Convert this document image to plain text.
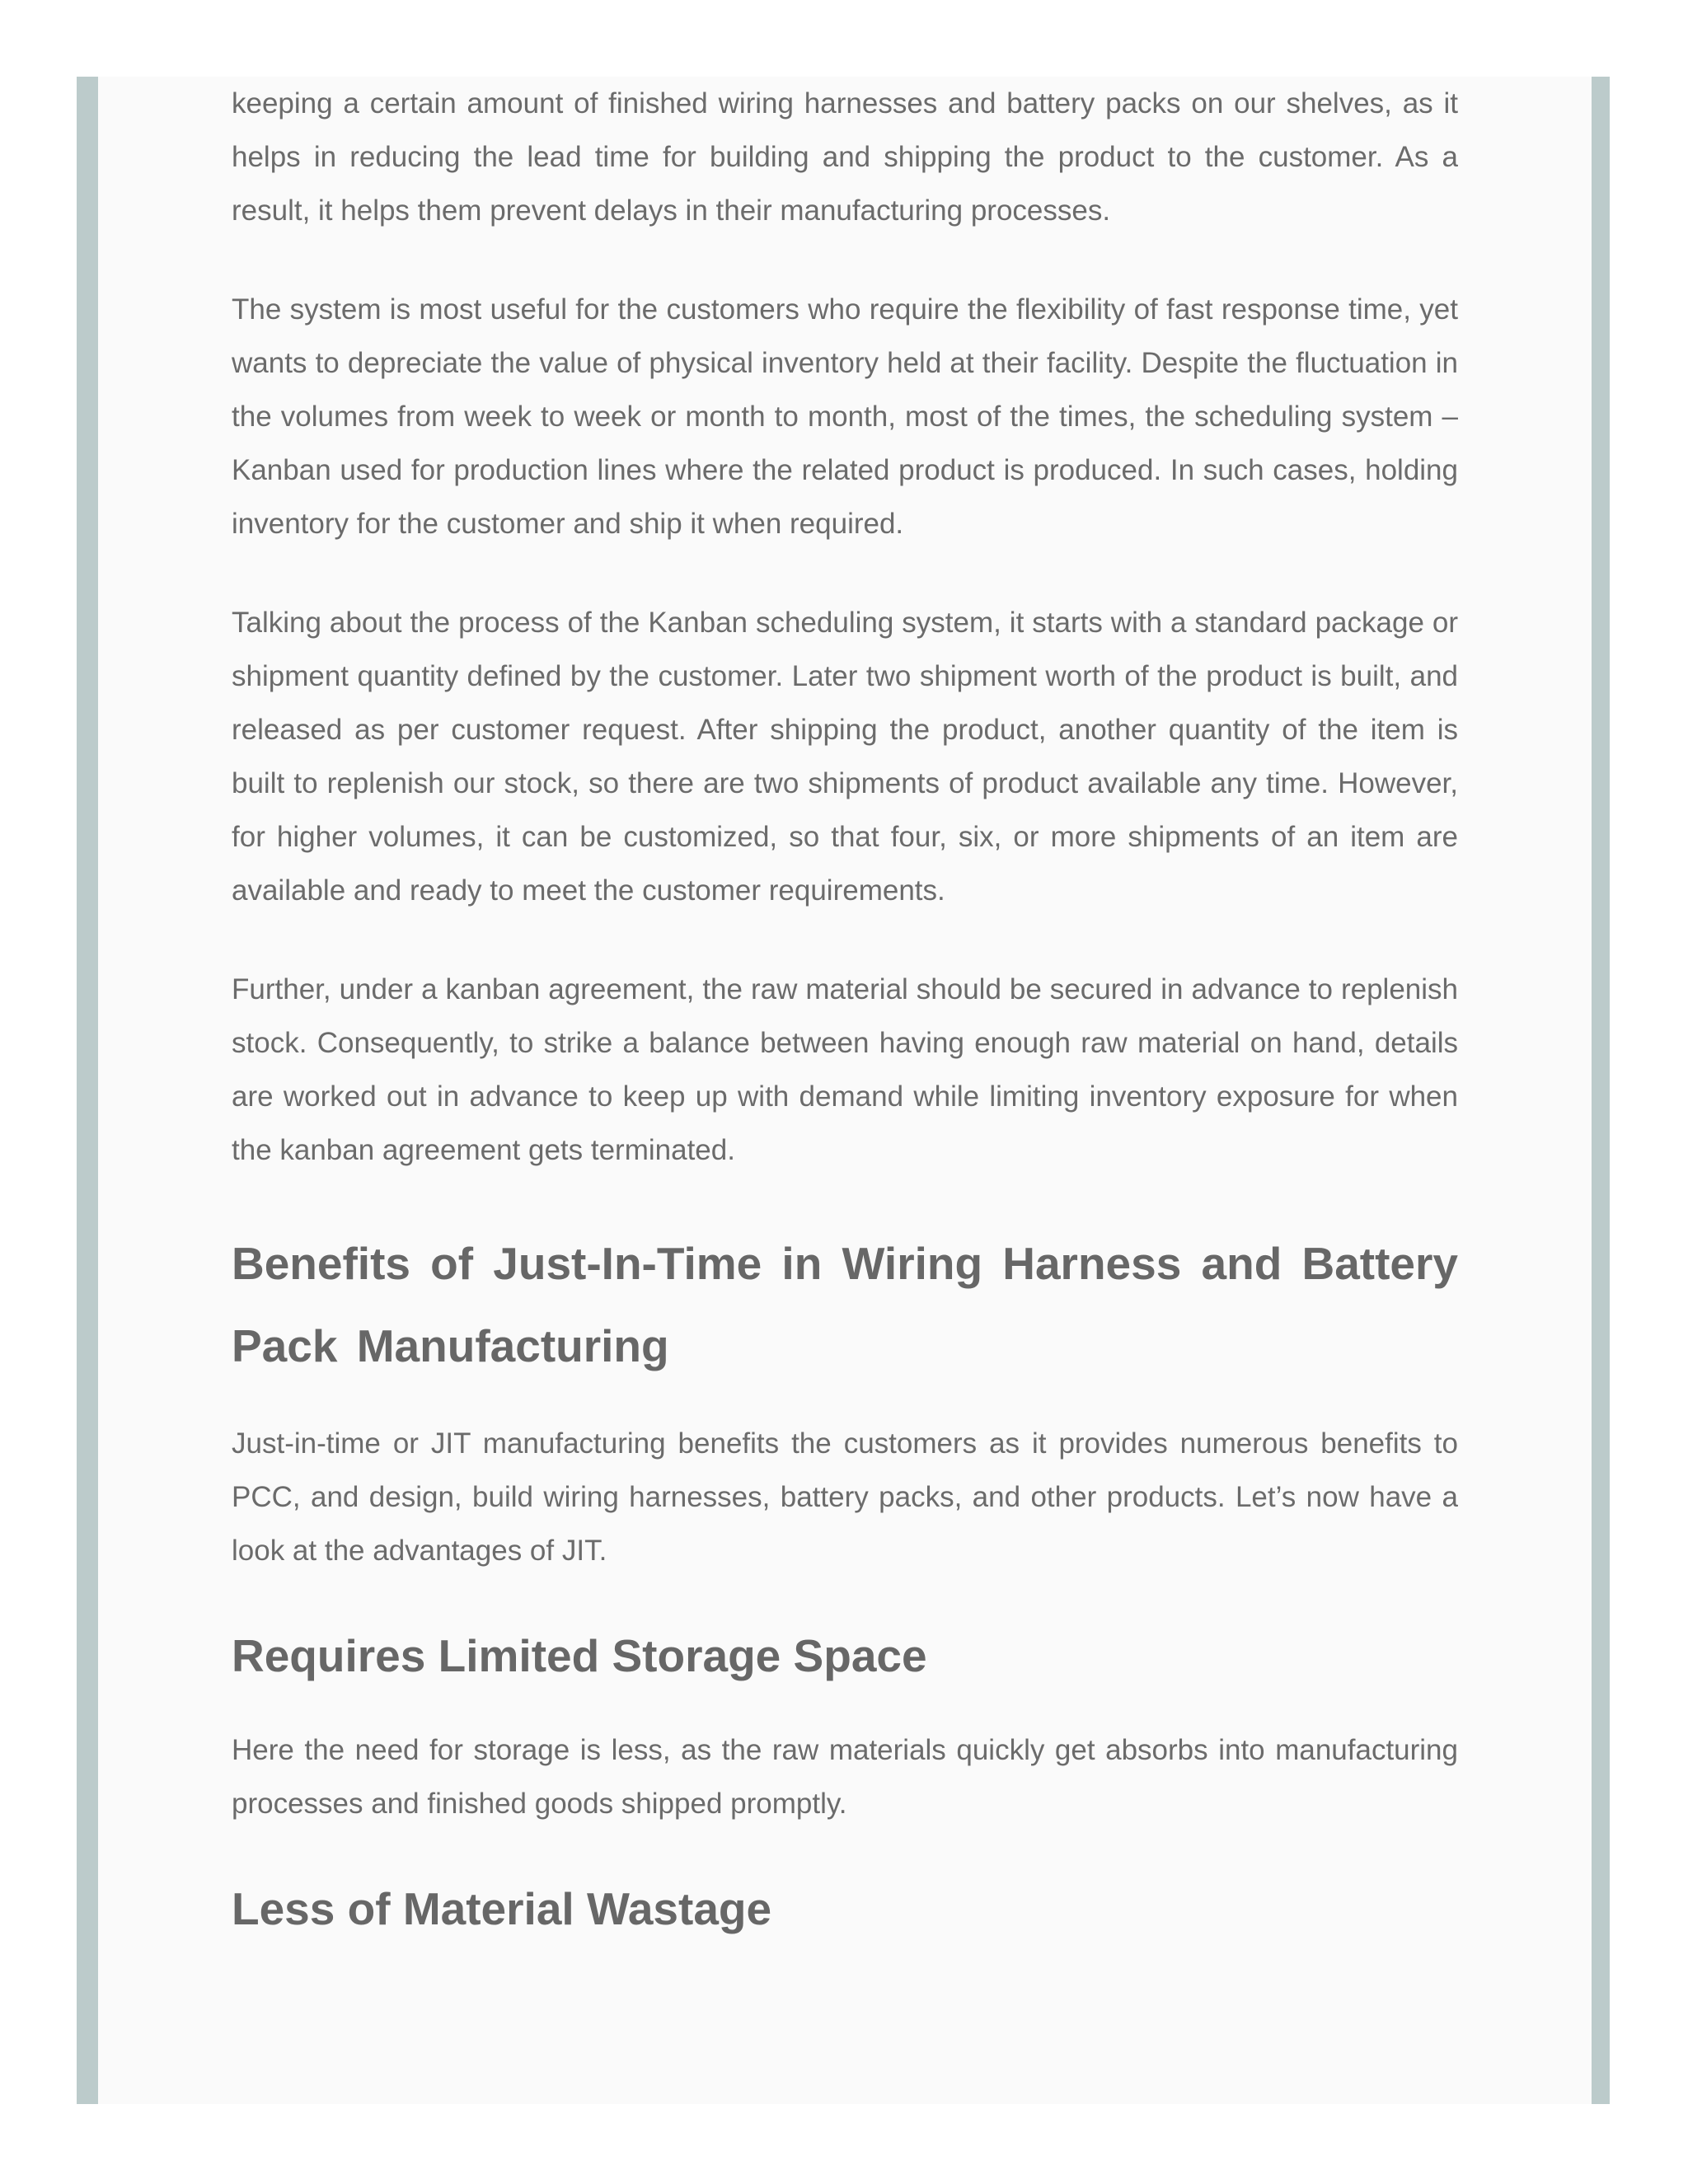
keeping a certain amount of finished wiring harnesses and battery packs on our shelves, as it helps in reducing the lead time for building and shipping the product to the customer. As a result, it helps them prevent delays in their manufacturing processes.

The system is most useful for the customers who require the flexibility of fast response time, yet wants to depreciate the value of physical inventory held at their facility. Despite the fluctuation in the volumes from week to week or month to month, most of the times, the scheduling system – Kanban used for production lines where the related product is produced. In such cases, holding inventory for the customer and ship it when required.

Talking about the process of the Kanban scheduling system, it starts with a standard package or shipment quantity defined by the customer. Later two shipment worth of the product is built, and released as per customer request. After shipping the product, another quantity of the item is built to replenish our stock, so there are two shipments of product available any time. However, for higher volumes, it can be customized, so that four, six, or more shipments of an item are available and ready to meet the customer requirements.

Further, under a kanban agreement, the raw material should be secured in advance to replenish stock. Consequently, to strike a balance between having enough raw material on hand, details are worked out in advance to keep up with demand while limiting inventory exposure for when the kanban agreement gets terminated.

Benefits of Just-In-Time in Wiring Harness and Battery Pack Manufacturing

Just-in-time or JIT manufacturing benefits the customers as it provides numerous benefits to PCC, and design, build wiring harnesses, battery packs, and other products. Let’s now have a look at the advantages of JIT.

Requires Limited Storage Space

Here the need for storage is less, as the raw materials quickly get absorbs into manufacturing processes and finished goods shipped promptly.

Less of Material Wastage
